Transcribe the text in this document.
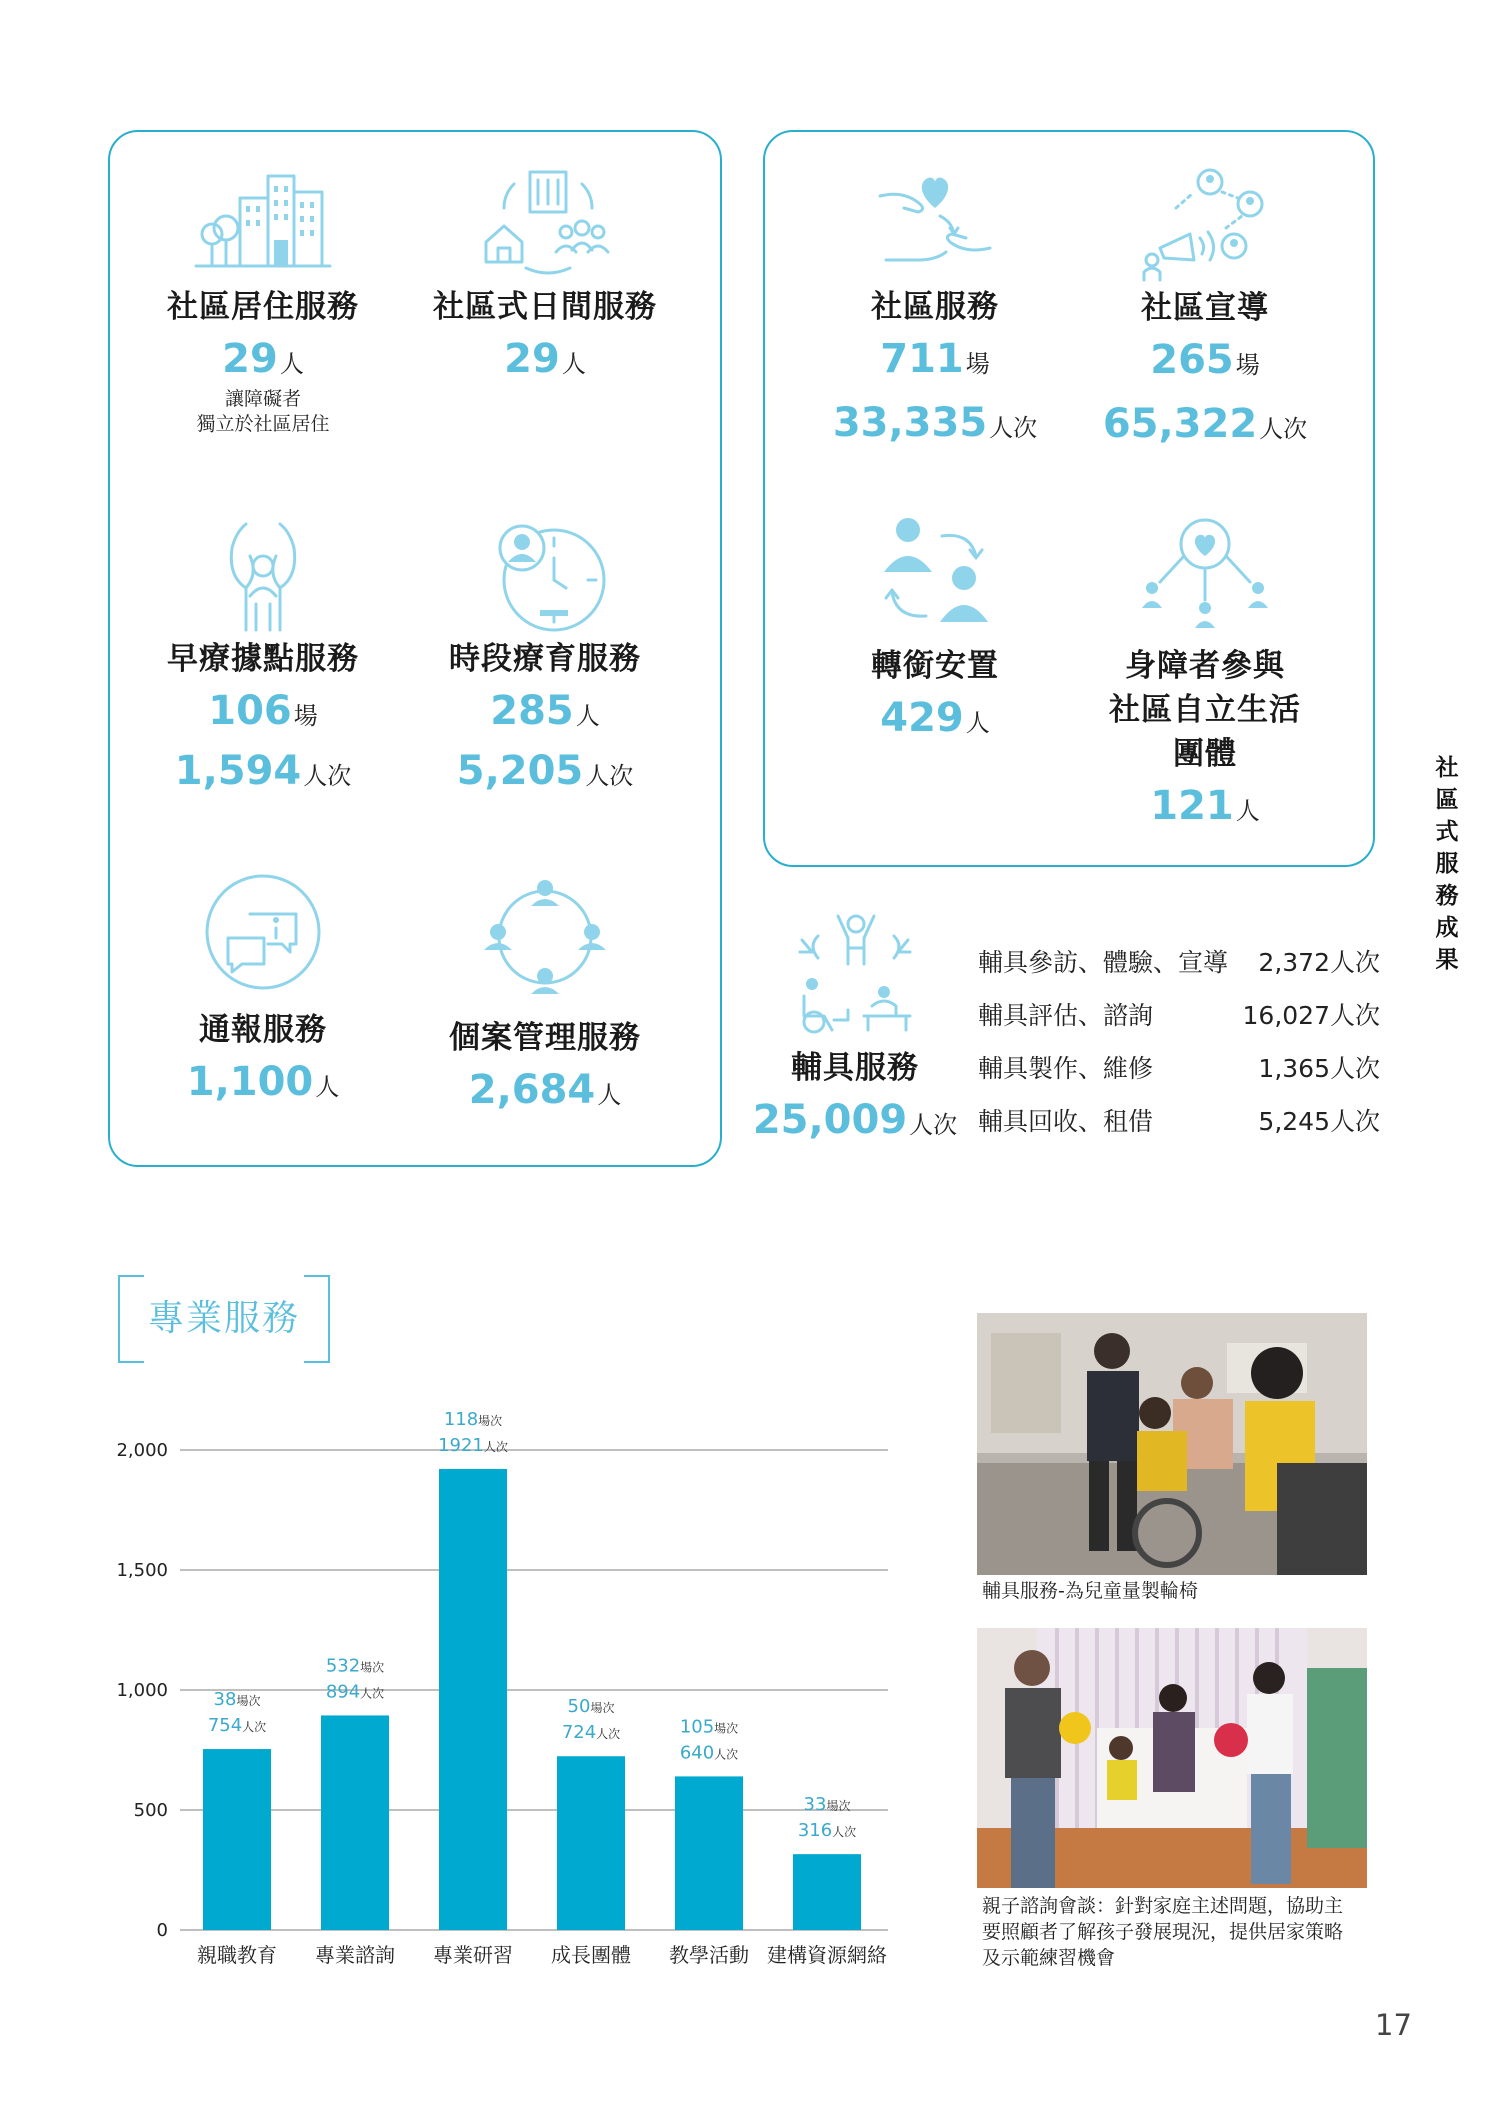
社區居住服務
29人
讓障礙者
獨立於社區居住
社區式日間服務
29人
早療據點服務
106場
1,594人次
時段療育服務
285人
5,205人次
通報服務
1,100人
個案管理服務
2,684人
社區服務
711場
33,335人次
社區宣導
265場
65,322人次
轉銜安置
429人
身障者參與
社區自立生活
團體
121人
輔具服務
25,009人次
輔具參訪、體驗、宣導 2,372人次
輔具評估、諮詢	16,027人次
輔具製作、維修	1,365人次
輔具回收、租借	5,245人次
社
區
式
服
務
成
果
專業服務
0
500
1,000
1,500
2,000
親職教育
38場次
754人次
專業諮詢
532場次
894人次
專業研習
118場次
1921人次
成長團體
50場次
724人次
教學活動
105場次
640人次
建構資源網絡
33場次
316人次
輔具服務-為兒童量製輪椅
親子諮詢會談：針對家庭主述問題，協助主
要照顧者了解孩子發展現況，提供居家策略
及示範練習機會
17
